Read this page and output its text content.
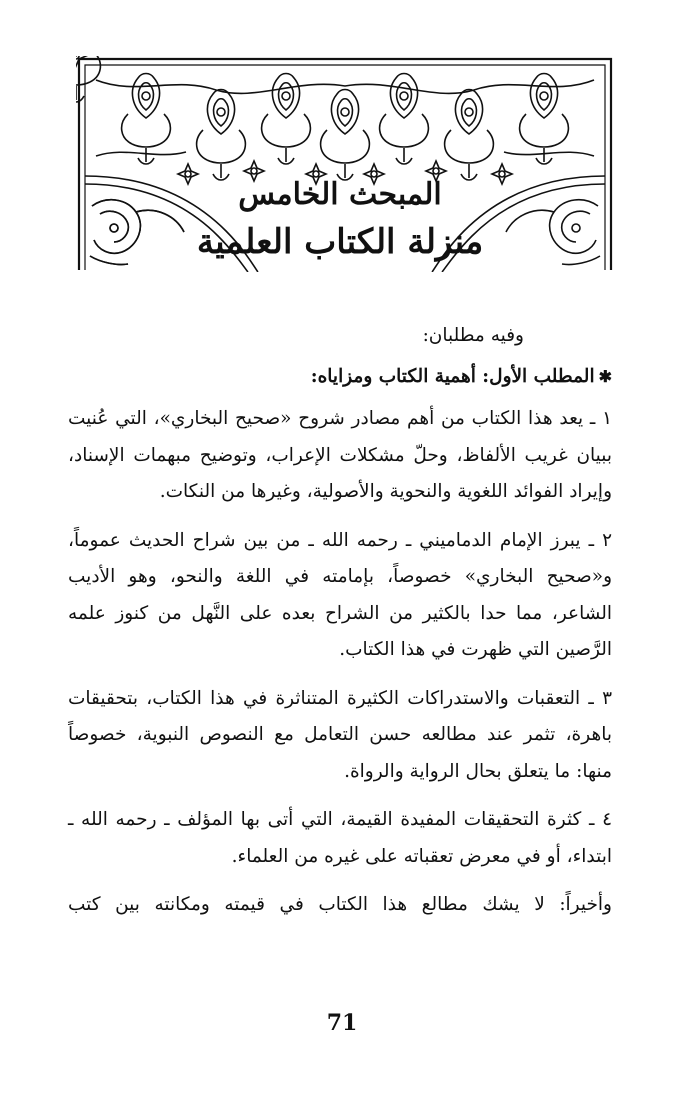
المبحث الخامس
منزلة الكتاب العلمية

وفيه مطلبان:

✱المطلب الأول: أهمية الكتاب ومزاياه:

١ ـ يعد هذا الكتاب من أهم مصادر شروح «صحيح البخاري»، التي عُنيت ببيان غريب الألفاظ، وحلّ مشكلات الإعراب، وتوضيح مبهمات الإسناد، وإيراد الفوائد اللغوية والنحوية والأصولية، وغيرها من النكات.

٢ ـ يبرز الإمام الدماميني ـ رحمه الله ـ من بين شراح الحديث عموماً، و«صحيح البخاري» خصوصاً، بإمامته في اللغة والنحو، وهو الأديب الشاعر، مما حدا بالكثير من الشراح بعده على النَّهل من كنوز علمه الرَّصين التي ظهرت في هذا الكتاب.

٣ ـ التعقبات والاستدراكات الكثيرة المتناثرة في هذا الكتاب، بتحقيقات باهرة، تثمر عند مطالعه حسن التعامل مع النصوص النبوية، خصوصاً منها: ما يتعلق بحال الرواية والرواة.

٤ ـ كثرة التحقيقات المفيدة القيمة، التي أتى بها المؤلف ـ رحمه الله ـ ابتداء، أو في معرض تعقباته على غيره من العلماء.

وأخيراً: لا يشك مطالع هذا الكتاب في قيمته ومكانته بين كتب

71
